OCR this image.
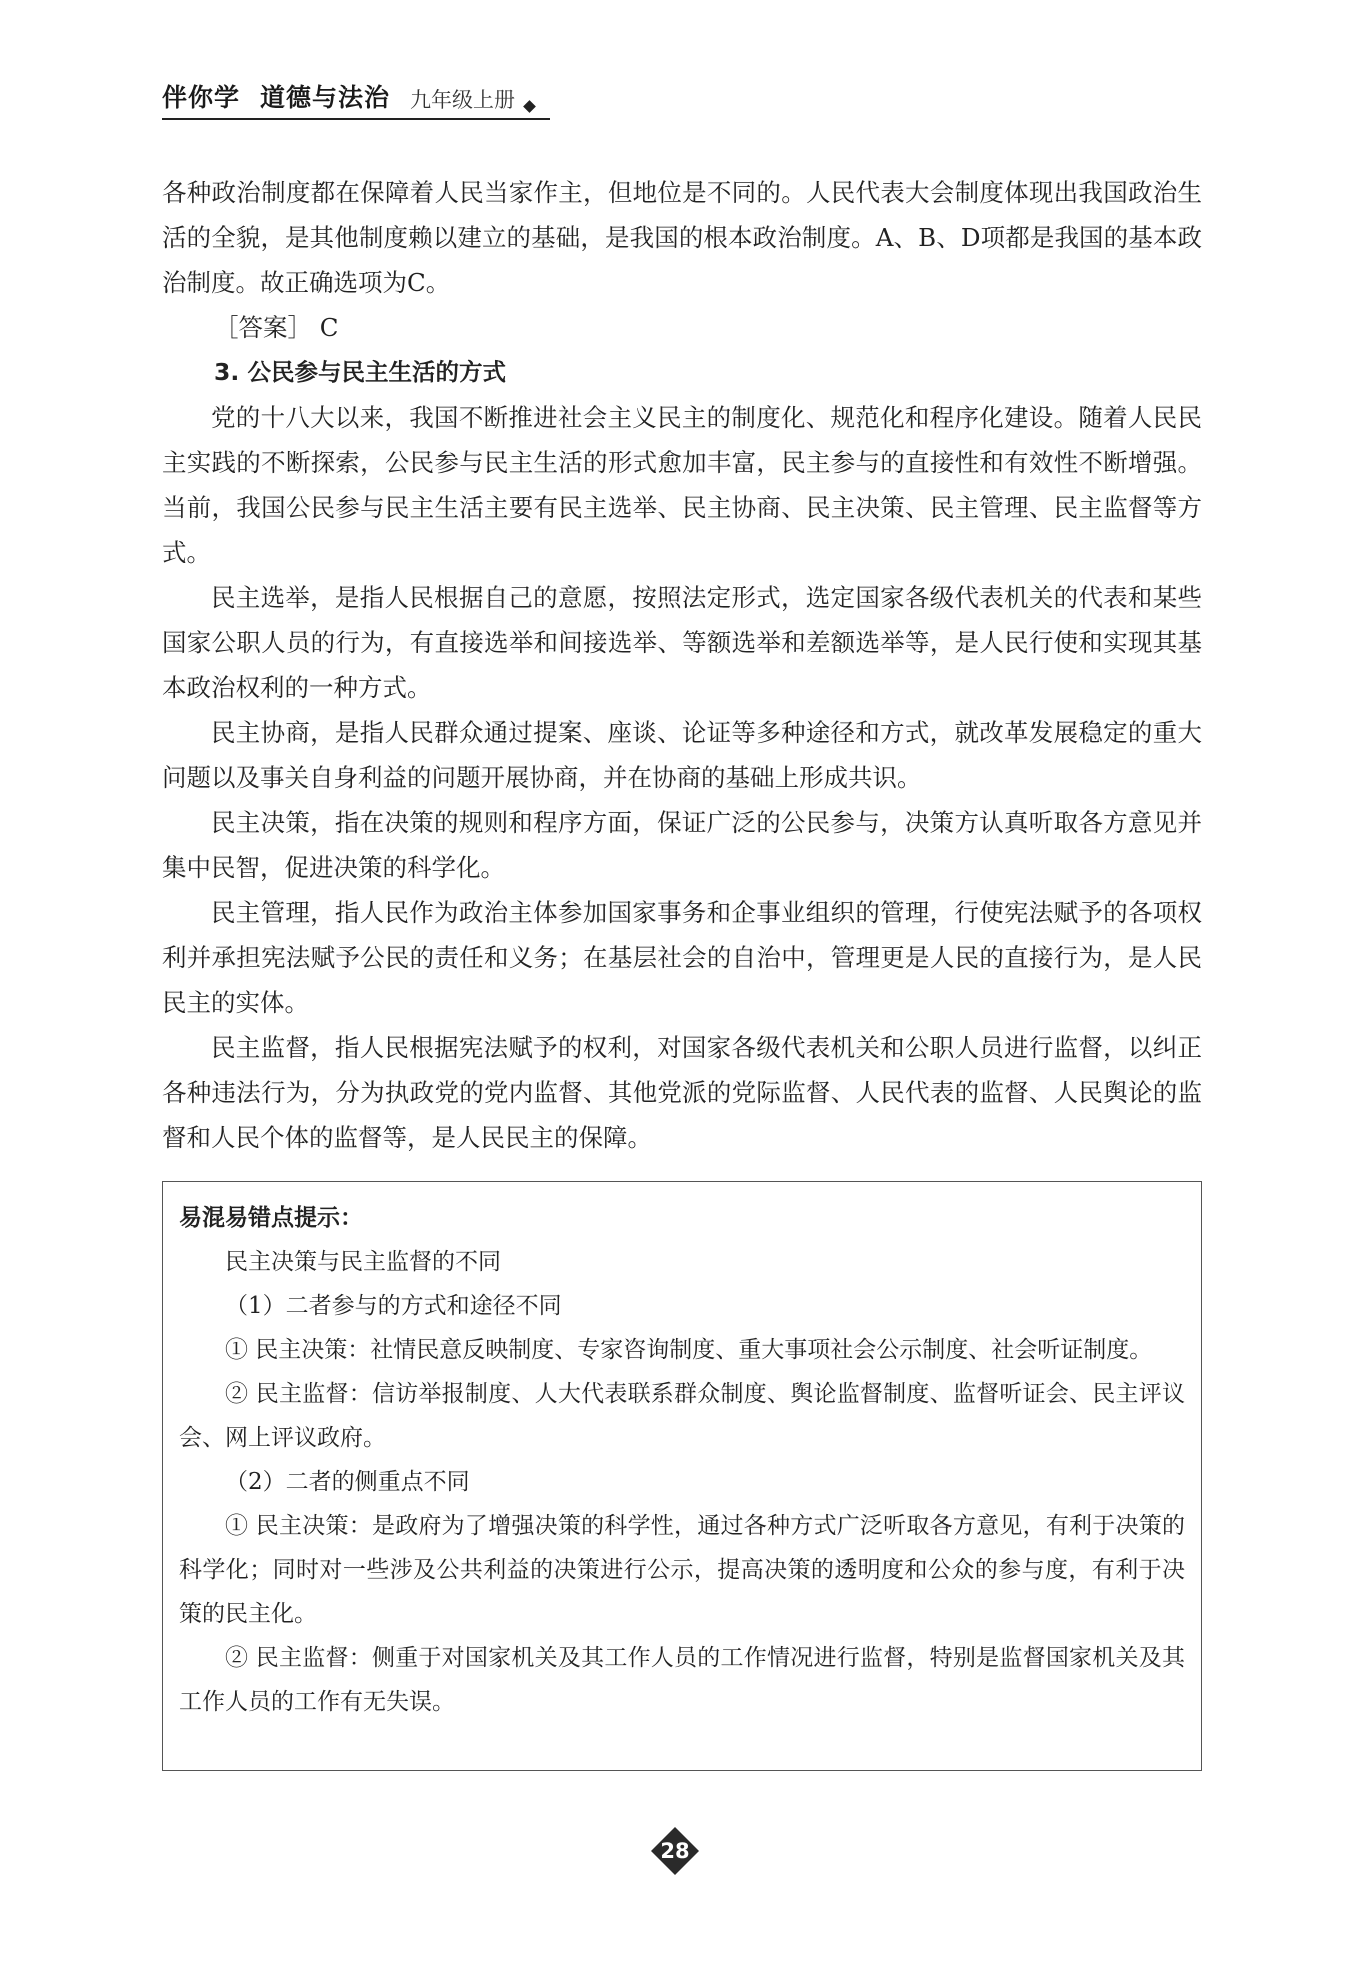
伴你学 道德与法治 九年级上册

各种政治制度都在保障着人民当家作主，但地位是不同的。人民代表大会制度体现出我国政治生活的全貌，是其他制度赖以建立的基础，是我国的根本政治制度。A、B、D项都是我国的基本政治制度。故正确选项为C。

［答案］ C
3. 公民参与民主生活的方式

党的十八大以来，我国不断推进社会主义民主的制度化、规范化和程序化建设。随着人民民主实践的不断探索，公民参与民主生活的形式愈加丰富，民主参与的直接性和有效性不断增强。当前，我国公民参与民主生活主要有民主选举、民主协商、民主决策、民主管理、民主监督等方式。

民主选举，是指人民根据自己的意愿，按照法定形式，选定国家各级代表机关的代表和某些国家公职人员的行为，有直接选举和间接选举、等额选举和差额选举等，是人民行使和实现其基本政治权利的一种方式。

民主协商，是指人民群众通过提案、座谈、论证等多种途径和方式，就改革发展稳定的重大问题以及事关自身利益的问题开展协商，并在协商的基础上形成共识。

民主决策，指在决策的规则和程序方面，保证广泛的公民参与，决策方认真听取各方意见并集中民智，促进决策的科学化。

民主管理，指人民作为政治主体参加国家事务和企事业组织的管理，行使宪法赋予的各项权利并承担宪法赋予公民的责任和义务；在基层社会的自治中，管理更是人民的直接行为，是人民民主的实体。

民主监督，指人民根据宪法赋予的权利，对国家各级代表机关和公职人员进行监督，以纠正各种违法行为，分为执政党的党内监督、其他党派的党际监督、人民代表的监督、人民舆论的监督和人民个体的监督等，是人民民主的保障。

易混易错点提示：

民主决策与民主监督的不同

（1）二者参与的方式和途径不同

① 民主决策：社情民意反映制度、专家咨询制度、重大事项社会公示制度、社会听证制度。

② 民主监督：信访举报制度、人大代表联系群众制度、舆论监督制度、监督听证会、民主评议会、网上评议政府。

（2）二者的侧重点不同

① 民主决策：是政府为了增强决策的科学性，通过各种方式广泛听取各方意见，有利于决策的科学化；同时对一些涉及公共利益的决策进行公示，提高决策的透明度和公众的参与度，有利于决策的民主化。

② 民主监督：侧重于对国家机关及其工作人员的工作情况进行监督，特别是监督国家机关及其工作人员的工作有无失误。

28
